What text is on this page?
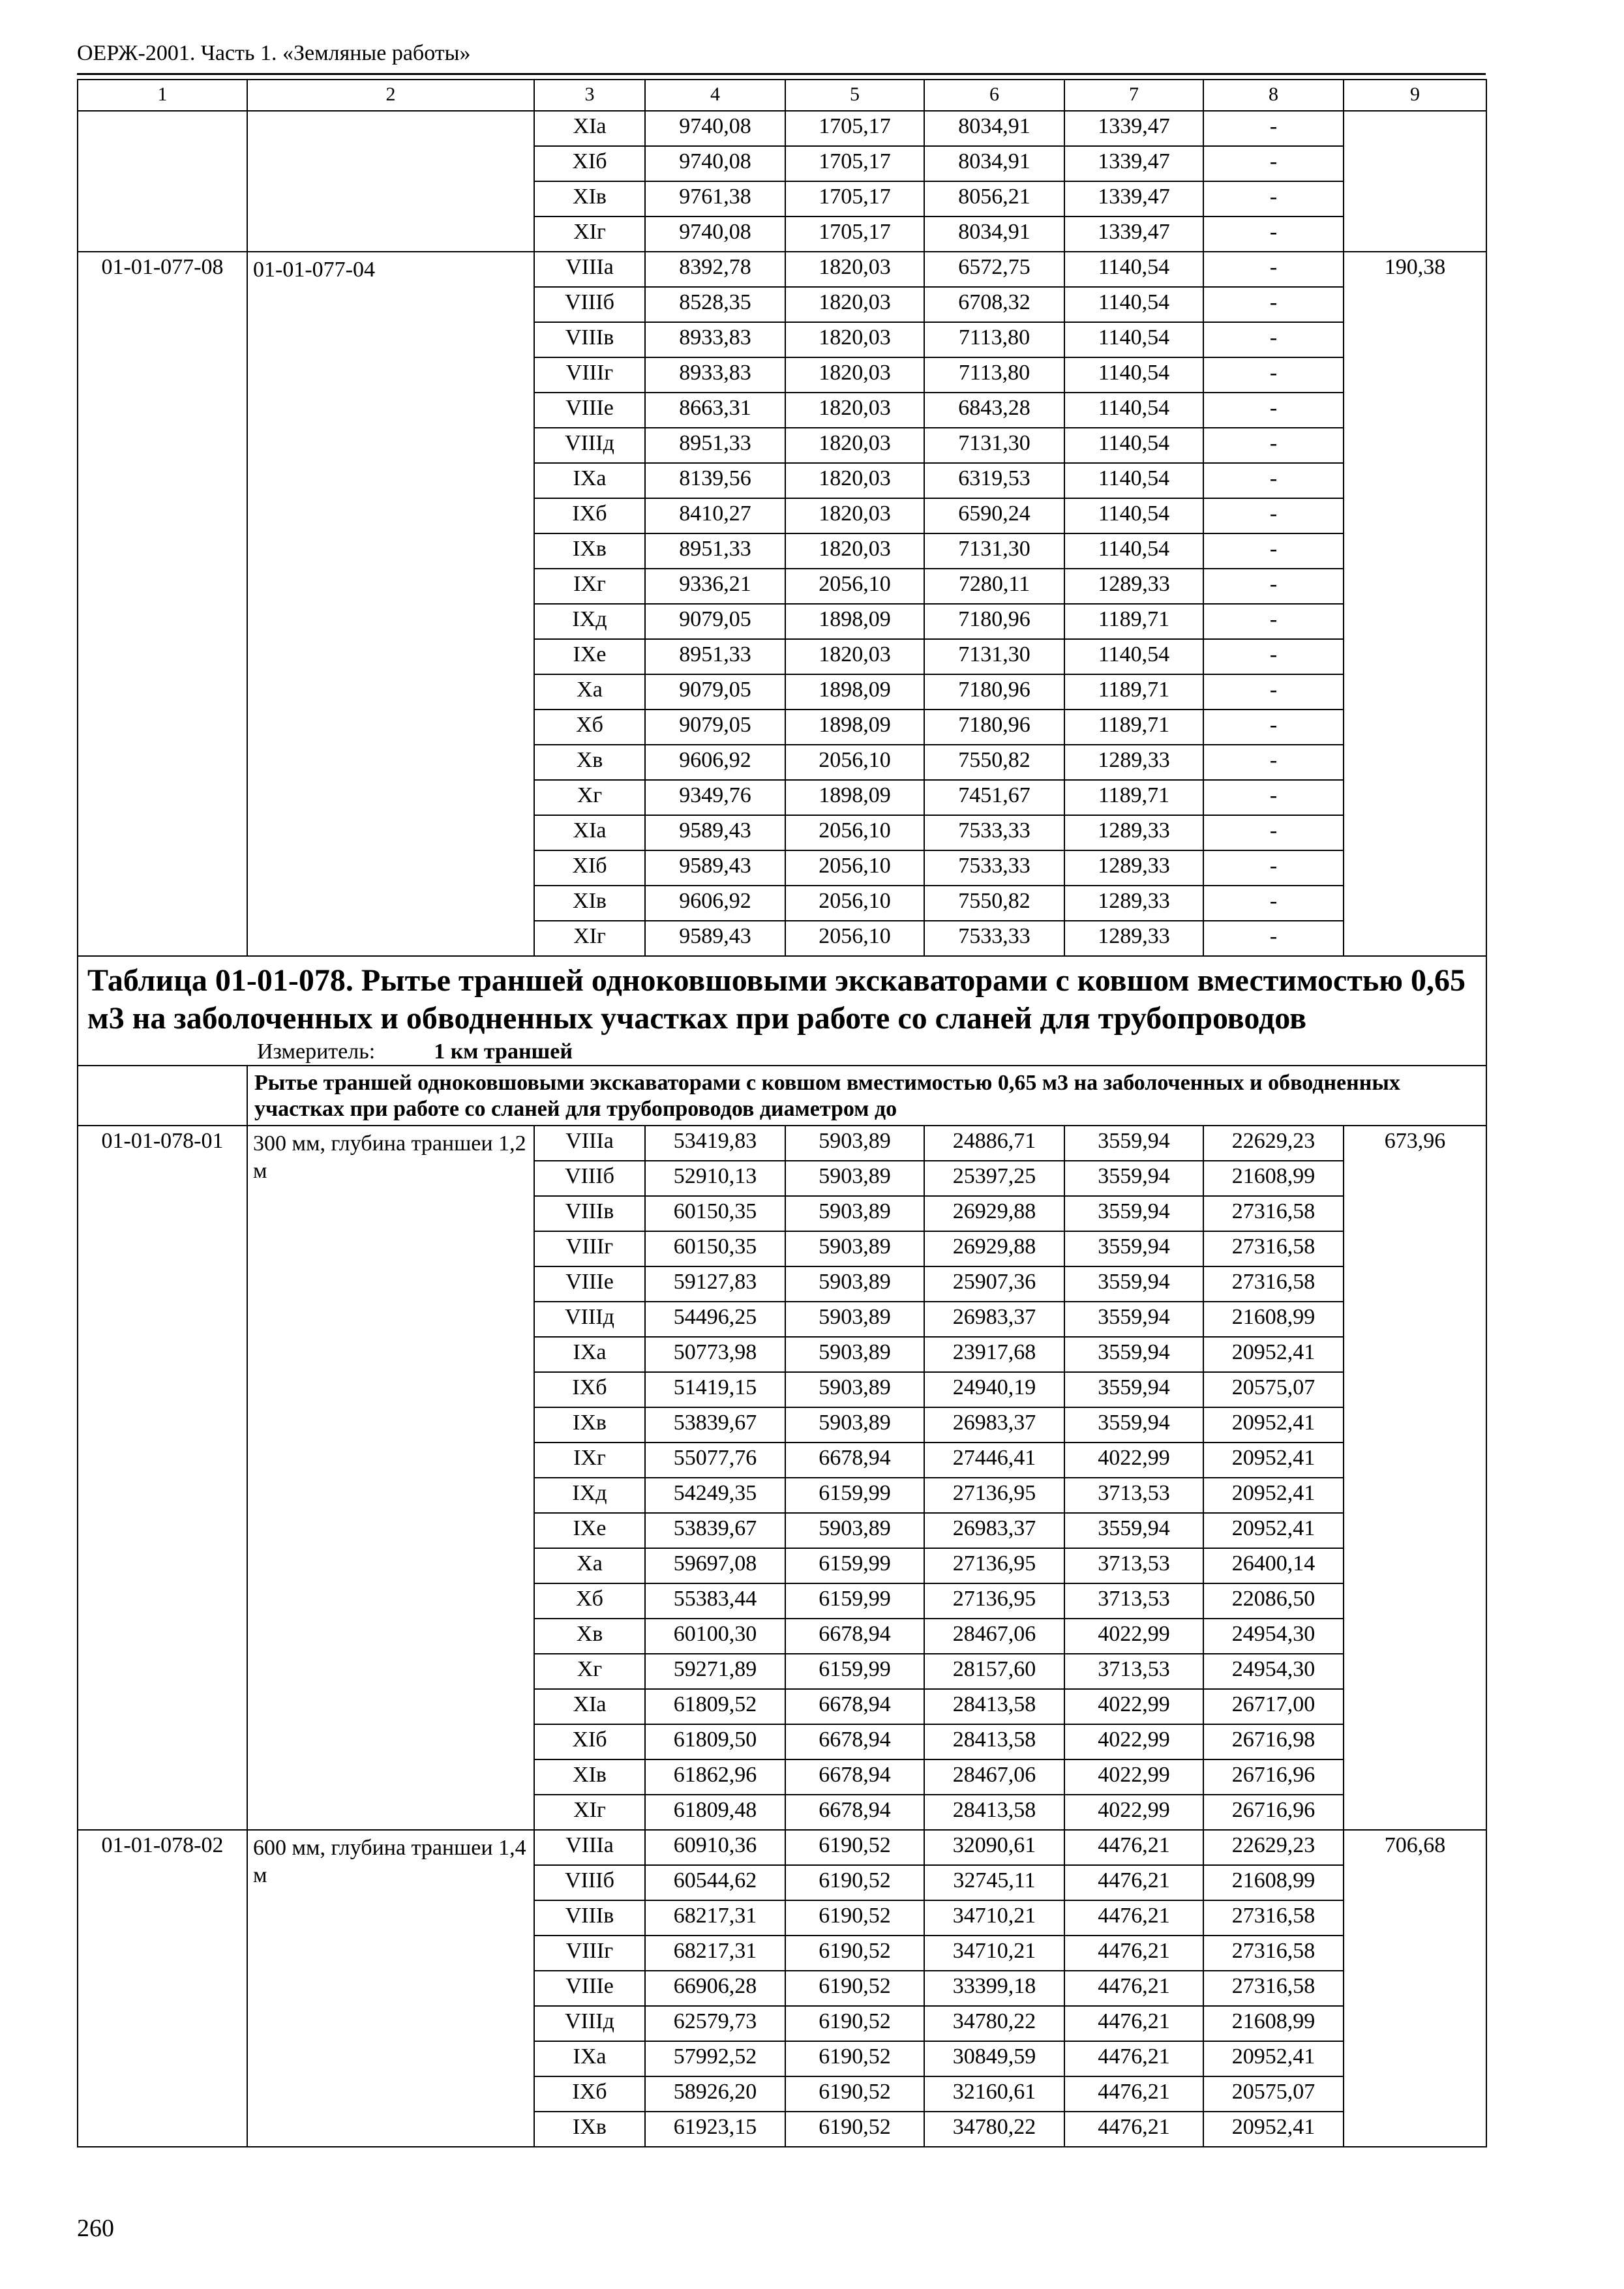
ОЕРЖ-2001. Часть 1. «Земляные работы»
1	2	3	4	5	6	7	8	9
		XIа	9740,08	1705,17	8034,91	1339,47	-	
		XIб	9740,08	1705,17	8034,91	1339,47	-	
		XIв	9761,38	1705,17	8056,21	1339,47	-	
		XIг	9740,08	1705,17	8034,91	1339,47	-	
01-01-077-08	01-01-077-04	VIIIа	8392,78	1820,03	6572,75	1140,54	-	190,38
		VIIIб	8528,35	1820,03	6708,32	1140,54	-	
		VIIIв	8933,83	1820,03	7113,80	1140,54	-	
		VIIIг	8933,83	1820,03	7113,80	1140,54	-	
		VIIIе	8663,31	1820,03	6843,28	1140,54	-	
		VIIIд	8951,33	1820,03	7131,30	1140,54	-	
		IXа	8139,56	1820,03	6319,53	1140,54	-	
		IXб	8410,27	1820,03	6590,24	1140,54	-	
		IXв	8951,33	1820,03	7131,30	1140,54	-	
		IXг	9336,21	2056,10	7280,11	1289,33	-	
		IXд	9079,05	1898,09	7180,96	1189,71	-	
		IXе	8951,33	1820,03	7131,30	1140,54	-	
		Xа	9079,05	1898,09	7180,96	1189,71	-	
		Xб	9079,05	1898,09	7180,96	1189,71	-	
		Xв	9606,92	2056,10	7550,82	1289,33	-	
		Xг	9349,76	1898,09	7451,67	1189,71	-	
		XIа	9589,43	2056,10	7533,33	1289,33	-	
		XIб	9589,43	2056,10	7533,33	1289,33	-	
		XIв	9606,92	2056,10	7550,82	1289,33	-	
		XIг	9589,43	2056,10	7533,33	1289,33	-	

Таблица 01-01-078. Рытье траншей одноковшовыми экскаваторами с ковшом вместимостью 0,65 м3 на заболоченных и обводненных участках при работе со сланей для трубопроводов
Измеритель: 1 км траншей								

	Рытье траншей одноковшовыми экскаваторами с ковшом вместимостью 0,65 м3 на заболоченных и обводненных участках при работе со сланей для трубопроводов диаметром до							
01-01-078-01	300 мм, глубина траншеи 1,2 м	VIIIа	53419,83	5903,89	24886,71	3559,94	22629,23	673,96
		VIIIб	52910,13	5903,89	25397,25	3559,94	21608,99	
		VIIIв	60150,35	5903,89	26929,88	3559,94	27316,58	
		VIIIг	60150,35	5903,89	26929,88	3559,94	27316,58	
		VIIIе	59127,83	5903,89	25907,36	3559,94	27316,58	
		VIIIд	54496,25	5903,89	26983,37	3559,94	21608,99	
		IXа	50773,98	5903,89	23917,68	3559,94	20952,41	
		IXб	51419,15	5903,89	24940,19	3559,94	20575,07	
		IXв	53839,67	5903,89	26983,37	3559,94	20952,41	
		IXг	55077,76	6678,94	27446,41	4022,99	20952,41	
		IXд	54249,35	6159,99	27136,95	3713,53	20952,41	
		IXе	53839,67	5903,89	26983,37	3559,94	20952,41	
		Xа	59697,08	6159,99	27136,95	3713,53	26400,14	
		Xб	55383,44	6159,99	27136,95	3713,53	22086,50	
		Xв	60100,30	6678,94	28467,06	4022,99	24954,30	
		Xг	59271,89	6159,99	28157,60	3713,53	24954,30	
		XIа	61809,52	6678,94	28413,58	4022,99	26717,00	
		XIб	61809,50	6678,94	28413,58	4022,99	26716,98	
		XIв	61862,96	6678,94	28467,06	4022,99	26716,96	
		XIг	61809,48	6678,94	28413,58	4022,99	26716,96	
01-01-078-02	600 мм, глубина траншеи 1,4 м	VIIIа	60910,36	6190,52	32090,61	4476,21	22629,23	706,68
		VIIIб	60544,62	6190,52	32745,11	4476,21	21608,99	
		VIIIв	68217,31	6190,52	34710,21	4476,21	27316,58	
		VIIIг	68217,31	6190,52	34710,21	4476,21	27316,58	
		VIIIе	66906,28	6190,52	33399,18	4476,21	27316,58	
		VIIIд	62579,73	6190,52	34780,22	4476,21	21608,99	
		IXа	57992,52	6190,52	30849,59	4476,21	20952,41	
		IXб	58926,20	6190,52	32160,61	4476,21	20575,07	
		IXв	61923,15	6190,52	34780,22	4476,21	20952,41	
260
